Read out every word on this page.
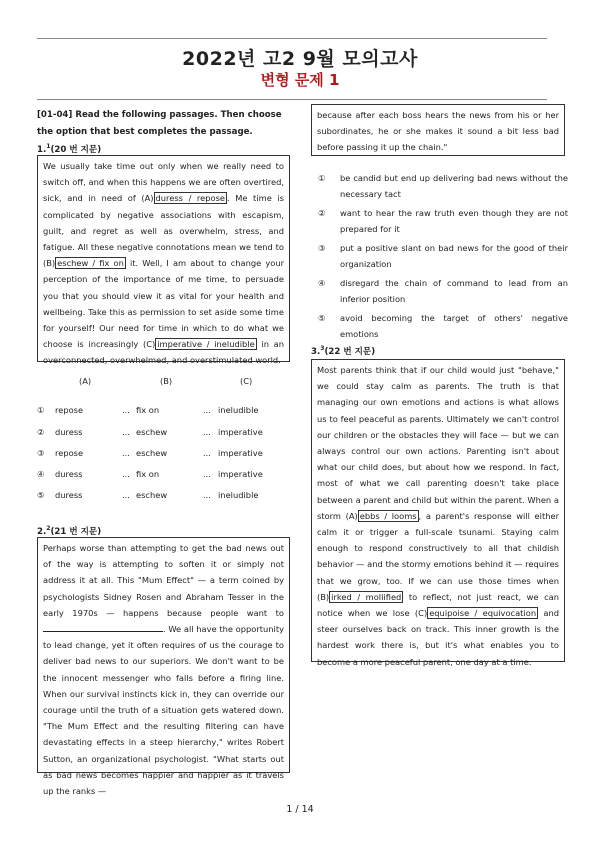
2022년 고2 9월 모의고사
변형 문제 1
[01-04] Read the following passages. Then choose the option that best completes the passage.
1.$^1$(20 번 지문)
We usually take time out only when we really need to switch off, and when this happens we are often overtired, sick, and in need of (A) duress / repose . Me time is complicated by negative associations with escapism, guilt, and regret as well as overwhelm, stress, and fatigue. All these negative connotations mean we tend to (B) eschew / fix on it. Well, I am about to change your perception of the importance of me time, to persuade you that you should view it as vital for your health and wellbeing. Take this as permission to set aside some time for yourself! Our need for time in which to do what we choose is increasingly (C) imperative / ineludible in an overconnected, overwhelmed, and overstimulated world.
(A)	(B)	(C)
① repose	... fix on	... ineludible
② duress	... eschew	... imperative
③ repose	... eschew	... imperative
④ duress	... fix on	... imperative
⑤ duress	... eschew	... ineludible
2.$^2$(21 번 지문)
Perhaps worse than attempting to get the bad news out of the way is attempting to soften it or simply not address it at all. This "Mum Effect" — a term coined by psychologists Sidney Rosen and Abraham Tesser in the early 1970s — happens because people want to . We all have the opportunity to lead change, yet it often requires of us the courage to deliver bad news to our superiors. We don't want to be the innocent messenger who falls before a firing line. When our survival instincts kick in, they can override our courage until the truth of a situation gets watered down. "The Mum Effect and the resulting filtering can have devastating effects in a steep hierarchy," writes Robert Sutton, an organizational psychologist. "What starts out as bad news becomes happier and happier as it travels up the ranks —
because after each boss hears the news from his or her subordinates, he or she makes it sound a bit less bad before passing it up the chain."
① be candid but end up delivering bad news without the necessary tact
② want to hear the raw truth even though they are not prepared for it
③ put a positive slant on bad news for the good of their organization
④ disregard the chain of command to lead from an inferior position
⑤ avoid becoming the target of others' negative emotions
3.$^3$(22 번 지문)
Most parents think that if our child would just "behave," we could stay calm as parents. The truth is that managing our own emotions and actions is what allows us to feel peaceful as parents. Ultimately we can't control our children or the obstacles they will face — but we can always control our own actions. Parenting isn't about what our child does, but about how we respond. In fact, most of what we call parenting doesn't take place between a parent and child but within the parent. When a storm (A) ebbs / looms , a parent's response will either calm it or trigger a full-scale tsunami. Staying calm enough to respond constructively to all that childish behavior — and the stormy emotions behind it — requires that we grow, too. If we can use those times when (B) irked / mollified to reflect, not just react, we can notice when we lose (C) equipoise / equivocation and steer ourselves back on track. This inner growth is the hardest work there is, but it's what enables you to become a more peaceful parent, one day at a time.
1 / 14
